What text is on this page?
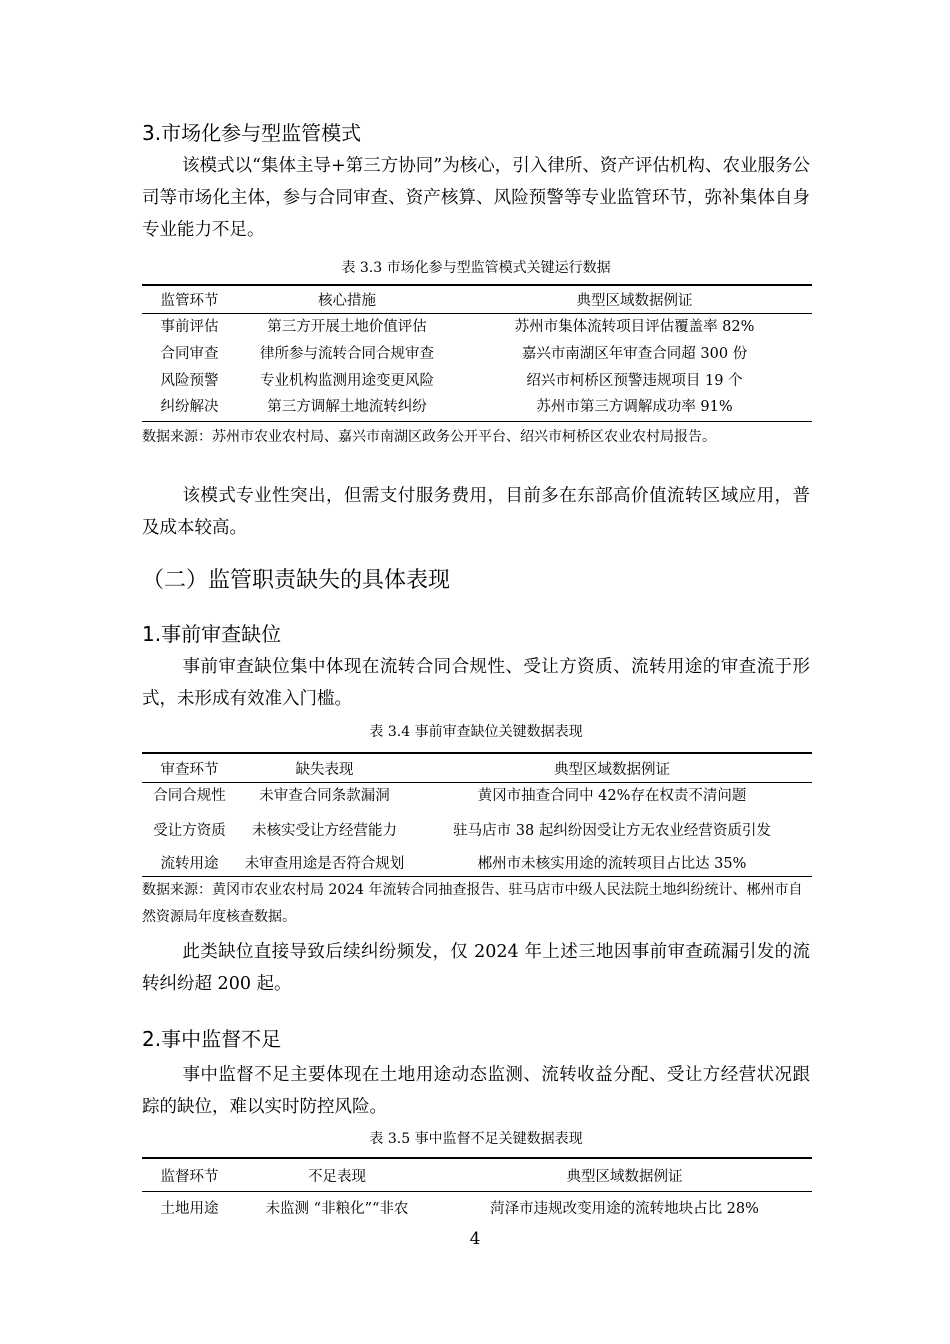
3.市场化参与型监管模式
该模式以“集体主导+第三方协同”为核心，引入律所、资产评估机构、农业服务公司等市场化主体，参与合同审查、资产核算、风险预警等专业监管环节，弥补集体自身专业能力不足。
表 3.3 市场化参与型监管模式关键运行数据
监管环节	核心措施	典型区域数据例证
事前评估	第三方开展土地价值评估	苏州市集体流转项目评估覆盖率 82%
合同审查	律所参与流转合同合规审查	嘉兴市南湖区年审查合同超 300 份
风险预警	专业机构监测用途变更风险	绍兴市柯桥区预警违规项目 19 个
纠纷解决	第三方调解土地流转纠纷	苏州市第三方调解成功率 91%
数据来源：苏州市农业农村局、嘉兴市南湖区政务公开平台、绍兴市柯桥区农业农村局报告。
该模式专业性突出，但需支付服务费用，目前多在东部高价值流转区域应用，普及成本较高。
（二）监管职责缺失的具体表现
1.事前审查缺位
事前审查缺位集中体现在流转合同合规性、受让方资质、流转用途的审查流于形式，未形成有效准入门槛。
表 3.4 事前审查缺位关键数据表现
审查环节	缺失表现	典型区域数据例证
合同合规性	未审查合同条款漏洞	黄冈市抽查合同中 42%存在权责不清问题
受让方资质	未核实受让方经营能力	驻马店市 38 起纠纷因受让方无农业经营资质引发
流转用途	未审查用途是否符合规划	郴州市未核实用途的流转项目占比达 35%
数据来源：黄冈市农业农村局 2024 年流转合同抽查报告、驻马店市中级人民法院土地纠纷统计、郴州市自然资源局年度核查数据。
此类缺位直接导致后续纠纷频发，仅 2024 年上述三地因事前审查疏漏引发的流转纠纷超 200 起。
2.事中监督不足
事中监督不足主要体现在土地用途动态监测、流转收益分配、受让方经营状况跟踪的缺位，难以实时防控风险。
表 3.5 事中监督不足关键数据表现
监督环节	不足表现	典型区域数据例证
土地用途	未监测 “非粮化”“非农	菏泽市违规改变用途的流转地块占比 28%
4
